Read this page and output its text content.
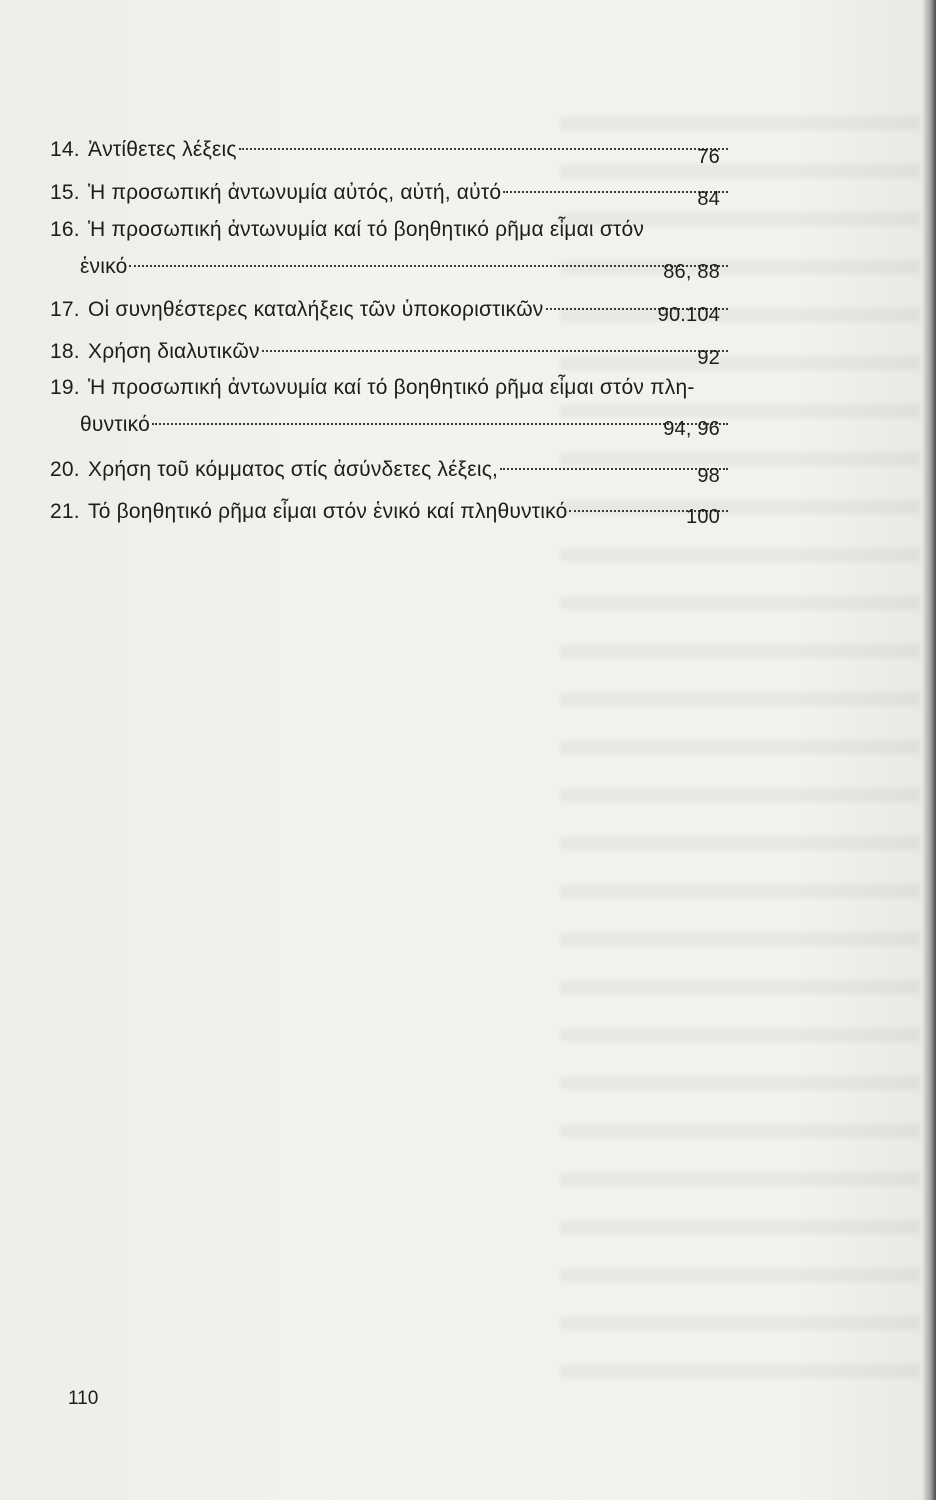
14. Ἀντίθετες λέξεις	76
15. Ἡ προσωπική ἀντωνυμία αὐτός, αὐτή, αὐτό	84
16. Ἡ προσωπική ἀντωνυμία καί τό βοηθητικό ρῆμα εἶμαι στόν
ἑνικό	86, 88
17. Οἱ συνηθέστερες καταλήξεις τῶν ὑποκοριστικῶν	90.104
18. Χρήση διαλυτικῶν	92
19. Ἡ προσωπική ἀντωνυμία καί τό βοηθητικό ρῆμα εἶμαι στόν πλη-
θυντικό	94, 96
20. Χρήση τοῦ κόμματος στίς ἀσύνδετες λέξεις,	98
21. Τό βοηθητικό ρῆμα εἶμαι στόν ἑνικό καί πληθυντικό	100
110
